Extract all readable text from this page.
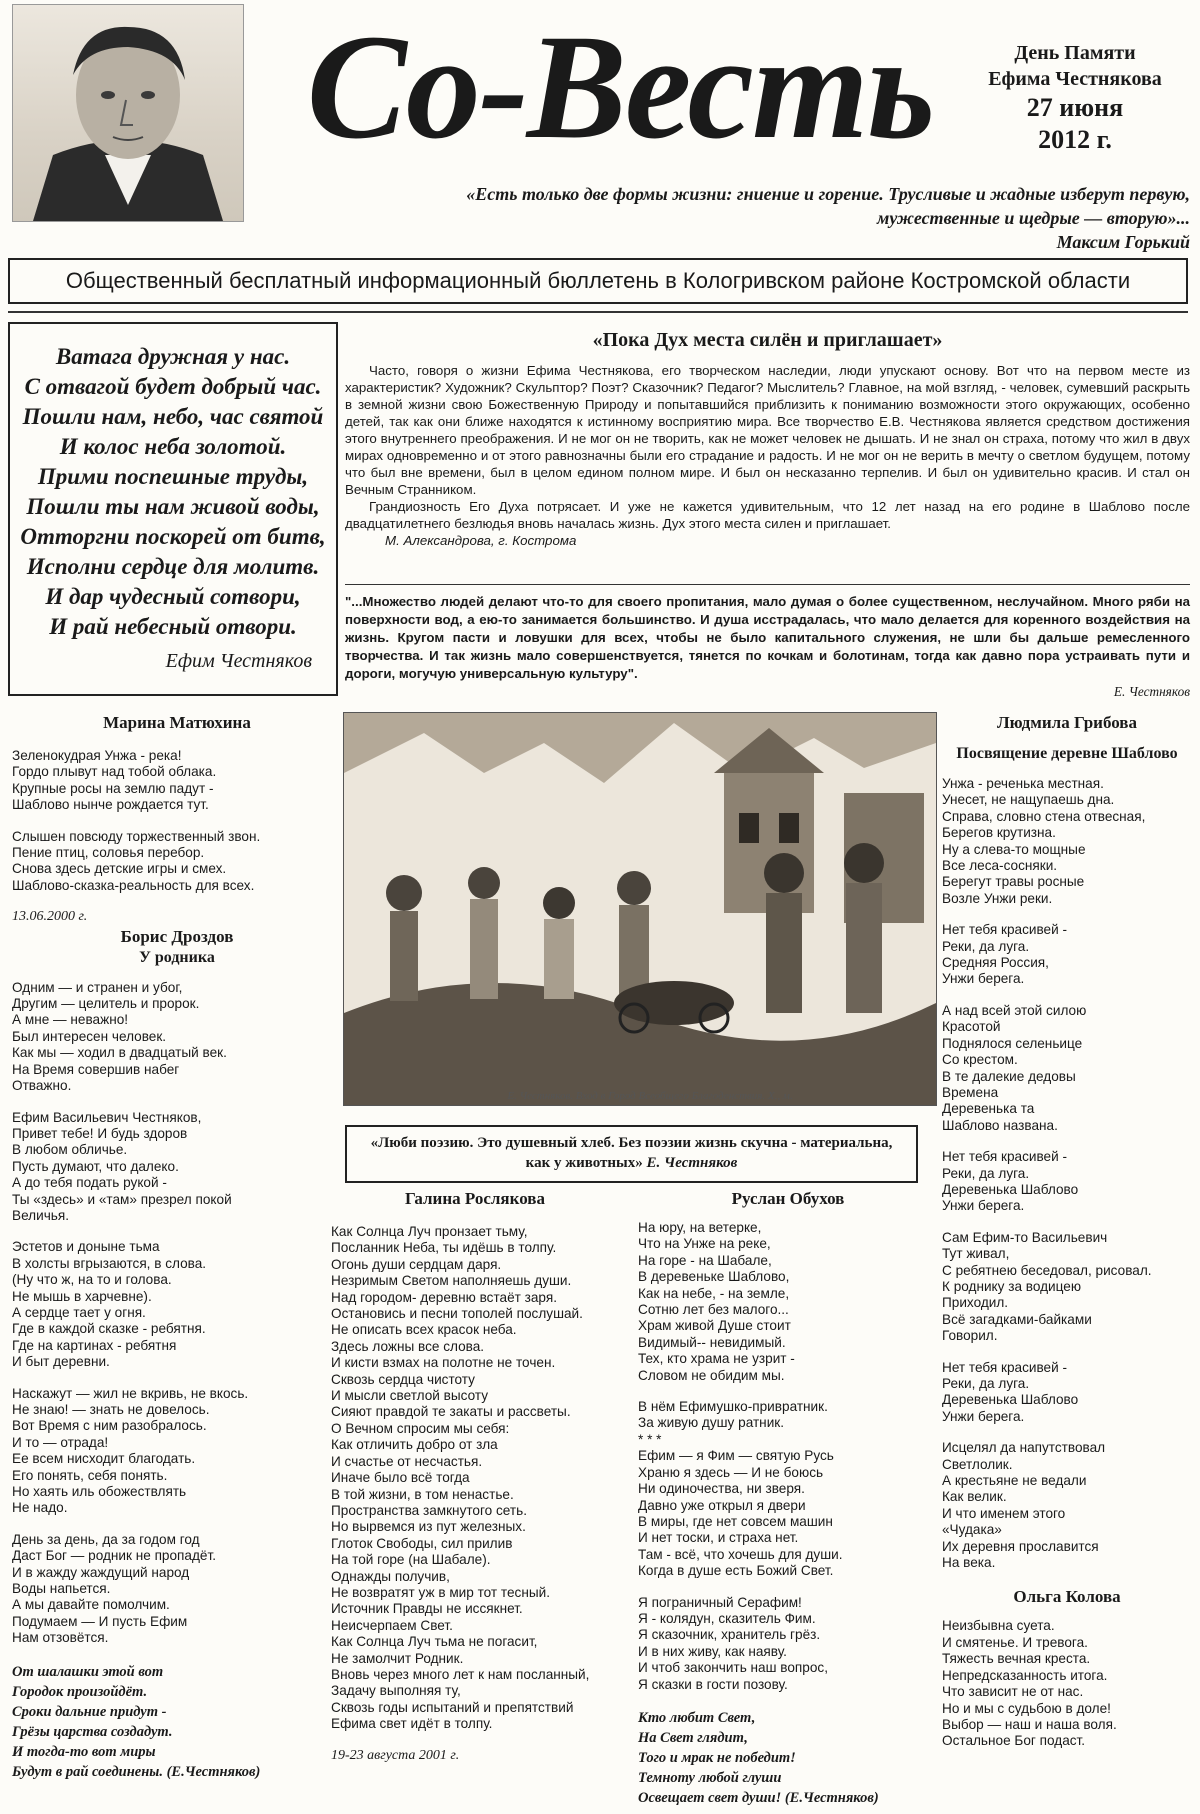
Со-Весть	День Памяти
Ефима Честнякова
27 июня
2012 г.
«Есть только две формы жизни: гниение и горение. Трусливые и жадные изберут первую,
мужественные и щедрые — вторую»...
Максим Горький
Общественный бесплатный информационный бюллетень в Кологривском районе Костромской области
Ватага дружная у нас.
С отвагой будет добрый час.
Пошли нам, небо, час святой
И колос неба золотой.
Прими поспешные труды,
Пошли ты нам живой воды,
Отторгни поскорей от битв,
Исполни сердце для молитв.
И дар чудесный сотвори,
И рай небесный отвори.
Ефим Честняков
«Пока Дух места силён и приглашает»

Часто, говоря о жизни Ефима Честнякова, его творческом наследии, люди упускают основу. Вот что на первом месте из характеристик? Художник? Скульптор? Поэт? Сказочник? Педагог? Мыслитель? Главное, на мой взгляд, - человек, сумевший раскрыть в земной жизни свою Божественную Природу и попытавшийся приблизить к пониманию возможности этого окружающих, особенно детей, так как они ближе находятся к истинному восприятию мира. Все творчество Е.В. Честнякова является средством достижения этого внутреннего преображения. И не мог он не творить, как не может человек не дышать. И не знал он страха, потому что жил в двух мирах одновременно и от этого равнозначны были его страдание и радость. И не мог он не верить в мечту о светлом будущем, потому что был вне времени, был в целом едином полном мире. И был он несказанно терпелив. И был он удивительно красив. И стал он Вечным Странником.

Грандиозность Его Духа потрясает. И уже не кажется удивительным, что 12 лет назад на его родине в Шаблово после двадцатилетнего безлюдья вновь началась жизнь. Дух этого места силен и приглашает.

М. Александрова, г. Кострома
"...Множество людей делают что-то для своего пропитания, мало думая о более существенном, неслучайном. Много ряби на поверхности вод, а ею-то занимается большинство. И душа исстрадалась, что мало делается для коренного воздействия на жизнь. Кругом пасти и ловушки для всех, чтобы не было капитального служения, не шли бы дальше ремесленного творчества. И так жизнь мало совершенствуется, тянется по кочкам и болотинам, тогда как давно пора устраивать пути и дороги, могучую универсальную культуру".
Е. Честняков
Марина Матюхина
Зеленокудрая Унжа - река!
Гордо плывут над тобой облака.
Крупные росы на землю падут -
Шаблово нынче рождается тут.
Слышен повсюду торжественный звон.
Пение птиц, соловья перебор.
Снова здесь детские игры и смех.
Шаблово-сказка-реальность для всех.
13.06.2000 г.
Борис Дроздов
У родника
Одним — и странен и убог,
Другим — целитель и пророк.
А мне — неважно!
Был интересен человек.
Как мы — ходил в двадцатый век.
На Время совершив набег
Отважно.
Ефим Васильевич Честняков,
Привет тебе! И будь здоров
В любом обличье.
Пусть думают, что далеко.
А до тебя подать рукой -
Ты «здесь» и «там» презрел покой
Величья.
Эстетов и доныне тьма
В холсты вгрызаются, в слова.
(Ну что ж, на то и голова.
Не мышь в харчевне).
А сердце тает у огня.
Где в каждой сказке - ребятня.
Где на картинах - ребятня
И быт деревни.
Наскажут — жил не вкривь, не вкось.
Не знаю! — знать не довелось.
Вот Время с ним разобралось.
И то — отрада!
Ее всем нисходит благодать.
Его понять, себя понять.
Но хаять иль обожествлять
Не надо.
День за день, да за годом год
Даст Бог — родник не пропадёт.
И в жажду жаждущий народ
Воды напьется.
А мы давайте помолчим.
Подумаем — И пусть Ефим
Нам отзовётся.
От шалашки этой вот
Городок произойдёт.
Сроки дальние придут -
Грёзы царства создадут.
И тогда-то вот миры
Будут в рай соединены. (Е.Честняков)
Е. Честняков. Вход в Город Всеобщего Благоденствия. Х., м.
«Люби поэзию. Это душевный хлеб. Без поэзии жизнь скучна - материальна, как у животных» Е. Честняков
Галина Рослякова
Как Солнца Луч пронзает тьму,
Посланник Неба, ты идёшь в толпу.
Огонь души сердцам даря.
Незримым Светом наполняешь души.
Над городом- деревню встаёт заря.
Остановись и песни тополей послушай.
Не описать всех красок неба.
Здесь ложны все слова.
И кисти взмах на полотне не точен.
Сквозь сердца чистоту
И мысли светлой высоту
Сияют правдой те закаты и рассветы.
О Вечном спросим мы себя:
Как отличить добро от зла
И счастье от несчастья.
Иначе было всё тогда
В той жизни, в том ненастье.
Пространства замкнутого сеть.
Но вырвемся из пут железных.
Глоток Свободы, сил прилив
На той горе (на Шабале).
Однажды получив,
Не возвратят уж в мир тот тесный.
Источник Правды не иссякнет.
Неисчерпаем Свет.
Как Солнца Луч тьма не погасит,
Не замолчит Родник.
Вновь через много лет к нам посланный,
Задачу выполняя ту,
Сквозь годы испытаний и препятствий
Ефима свет идёт в толпу.
19-23 августа 2001 г.
Руслан Обухов
На юру, на ветерке,
Что на Унже на реке,
На горе - на Шабале,
В деревеньке Шаблово,
Как на небе, - на земле,
Сотню лет без малого...
Храм живой Душе стоит
Видимый-- невидимый.
Тех, кто храма не узрит -
Словом не обидим мы.
В нём Ефимушко-привратник.
За живую душу ратник.
* * *
Ефим — я Фим — святую Русь
Храню я здесь — И не боюсь
Ни одиночества, ни зверя.
Давно уже открыл я двери
В миры, где нет совсем машин
И нет тоски, и страха нет.
Там - всё, что хочешь для души.
Когда в душе есть Божий Свет.
Я пограничный Серафим!
Я - колядун, сказитель Фим.
Я сказочник, хранитель грёз.
И в них живу, как наяву.
И чтоб закончить наш вопрос,
Я сказки в гости позову.
Кто любит Свет,
На Свет глядит,
Того и мрак не победит!
Темноту любой глуши
Освещает свет души! (Е.Честняков)
Людмила Грибова
Посвящение деревне Шаблово
Унжа - реченька местная.
Унесет, не нащупаешь дна.
Справа, словно стена отвесная,
Берегов крутизна.
Ну а слева-то мощные
Все леса-сосняки.
Берегут травы росные
Возле Унжи реки.
Нет тебя красивей -
Реки, да луга.
Средняя Россия,
Унжи берега.
А над всей этой силою
Красотой
Поднялося селеньице
Со крестом.
В те далекие дедовы
Времена
Деревенька та
Шаблово названа.
Нет тебя красивей -
Реки, да луга.
Деревенька Шаблово
Унжи берега.
Сам Ефим-то Васильевич
Тут живал,
С ребятнею беседовал, рисовал.
К роднику за водицею
Приходил.
Всё загадками-байками
Говорил.
Нет тебя красивей -
Реки, да луга.
Деревенька Шаблово
Унжи берега.
Исцелял да напутствовал
Светлолик.
А крестьяне не ведали
Как велик.
И что именем этого
«Чудака»
Их деревня прославится
На века.
Ольга Колова
Неизбывна суета.
И смятенье. И тревога.
Тяжесть вечная креста.
Непредсказанность итога.
Что зависит не от нас.
Но и мы с судьбою в доле!
Выбор — наш и наша воля.
Остальное Бог подаст.
